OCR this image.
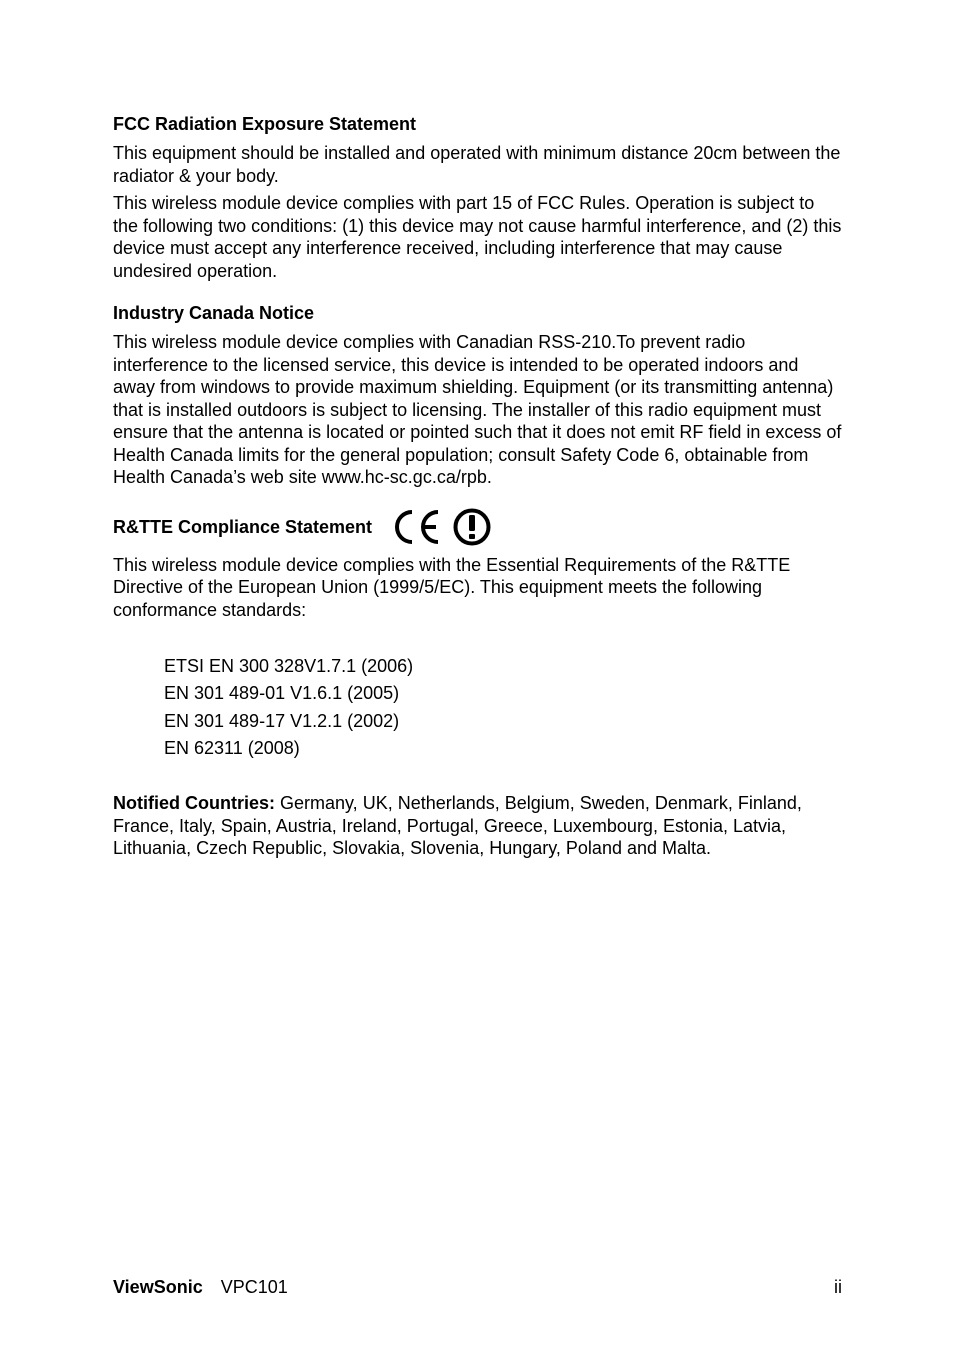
FCC Radiation Exposure Statement

This equipment should be installed and operated with minimum distance 20cm between the radiator & your body.

This wireless module device complies with part 15 of FCC Rules. Operation is subject to the following two conditions: (1) this device may not cause harmful interference, and (2) this device must accept any interference received, including interference that may cause undesired operation.

Industry Canada Notice

This wireless module device complies with Canadian RSS-210.To prevent radio interference to the licensed service, this device is intended to be operated indoors and away from windows to provide maximum shielding. Equipment (or its transmitting antenna) that is installed outdoors is subject to licensing. The installer of this radio equipment must ensure that the antenna is located or pointed such that it does not emit RF field in excess of Health Canada limits for the general population; consult Safety Code 6, obtainable from Health Canada’s web site www.hc-sc.gc.ca/rpb.

R&TTE Compliance Statement

This wireless module device complies with the Essential Requirements of the R&TTE Directive of the European Union (1999/5/EC). This equipment meets the following conformance standards:

ETSI EN 300 328V1.7.1 (2006)
EN 301 489-01 V1.6.1 (2005)
EN 301 489-17 V1.2.1 (2002)
EN 62311 (2008)

Notified Countries: Germany, UK, Netherlands, Belgium, Sweden, Denmark, Finland, France, Italy, Spain, Austria, Ireland, Portugal, Greece, Luxembourg, Estonia, Latvia, Lithuania, Czech Republic, Slovakia, Slovenia, Hungary, Poland and Malta.

ViewSonic VPC101	ii
